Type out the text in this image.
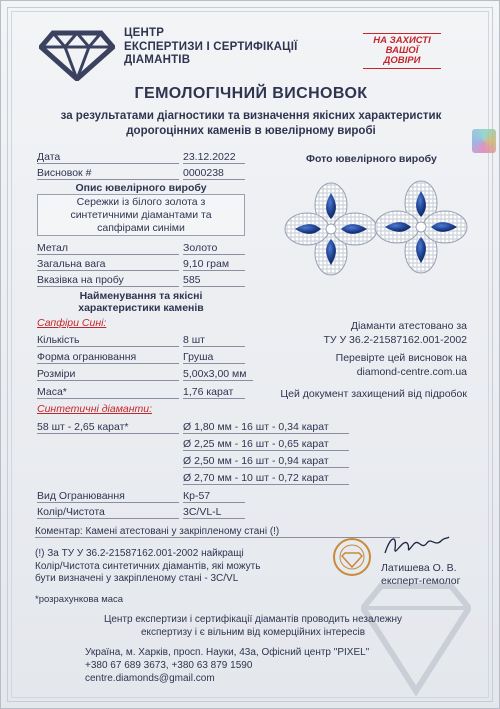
ЦЕНТР
ЕКСПЕРТИЗИ І СЕРТИФІКАЦІЇ
ДІАМАНТІВ
НА ЗАХИСТІ
ВАШОЇ
ДОВІРИ
ГЕМОЛОГІЧНИЙ ВИСНОВОК
за результатами діагностики та визначення якісних характеристик
дорогоцінних каменів в ювелірному виробі
Дата	23.12.2022
Висновок #	0000238
Опис ювелірного виробу
Сережки із білого золота з
синтетичними діамантами та
сапфірами синіми
Метал	Золото
Загальна вага	9,10 грам
Вказівка на пробу	585
Найменування та якісні
характеристики каменів
Сапфіри Сині:
Кількість	8 шт
Форма огранювання	Груша
Розміри	5,00х3,00 мм
Маса*	1,76 карат
Синтетичні діаманти:
58 шт - 2,65 карат*	Ø 1,80 мм - 16 шт - 0,34 карат
Ø 2,25 мм - 16 шт - 0,65 карат
Ø 2,50 мм - 16 шт - 0,94 карат
Ø 2,70 мм - 10 шт - 0,72 карат
Вид Огранювання	Кр-57
Колір/Чистота	3С/VL-L
Фото ювелірного виробу
Діаманти атестовано за
ТУ У 36.2-21587162.001-2002
Перевірте цей висновок на
diamond-centre.com.ua
Цей документ захищений від підробок
Коментар: Камені атестовані у закріпленому стані (!)
(!) За ТУ У 36.2-21587162.001-2002 найкращі
Колір/Чистота синтетичних діамантів, які можуть
бути визначені у закріпленому стані - 3С/VL
Латишева О. В.
експерт-гемолог
*розрахункова маса
Центр експертизи і сертифікації діамантів проводить незалежну
експертизу і є вільним від комерційних інтересів
Україна, м. Харків, просп. Науки, 43а, Офісний центр "PIXEL"
+380 67 689 3673, +380 63 879 1590
centre.diamonds@gmail.com
